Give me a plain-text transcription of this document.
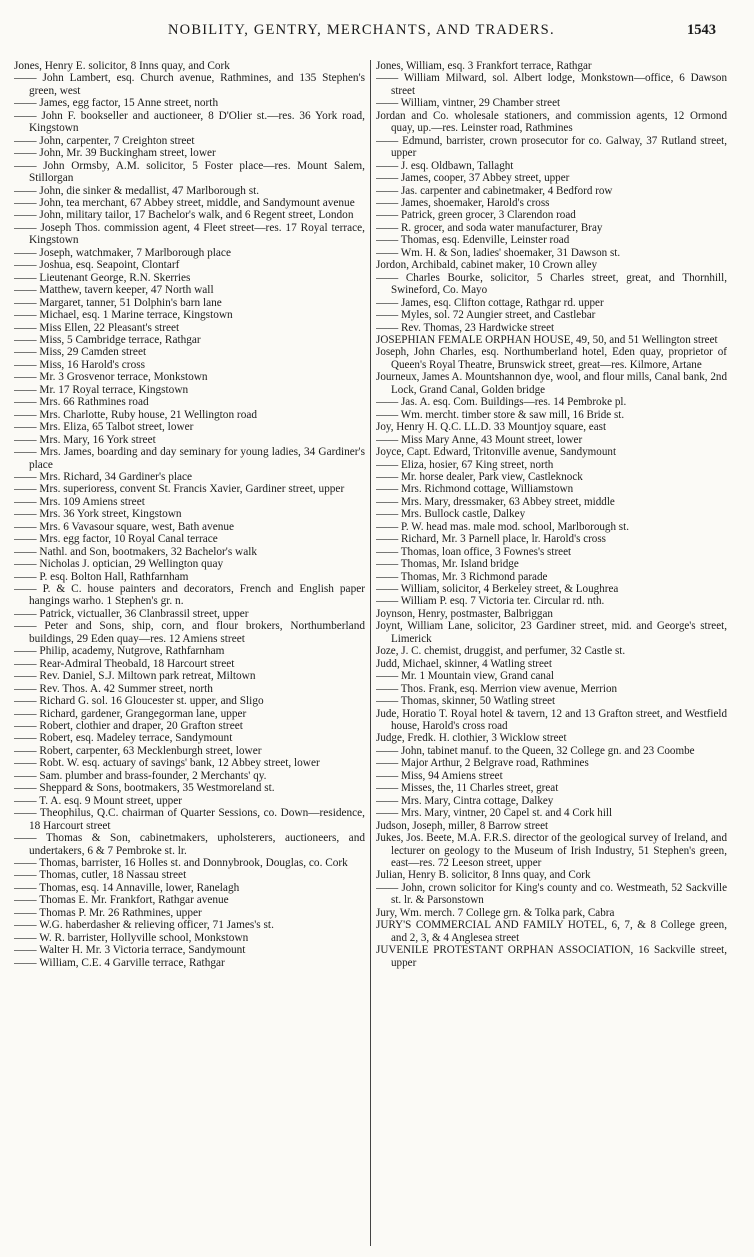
NOBILITY, GENTRY, MERCHANTS, AND TRADERS.	1543
Jones, Henry E. solicitor, 8 Inns quay, and Cork
—— John Lambert, esq. Church avenue, Rathmines, and 135 Stephen's green, west
—— James, egg factor, 15 Anne street, north
—— John F. bookseller and auctioneer, 8 D'Olier st.—res. 36 York road, Kingstown
—— John, carpenter, 7 Creighton street
—— John, Mr. 39 Buckingham street, lower
—— John Ormsby, A.M. solicitor, 5 Foster place—res. Mount Salem, Stillorgan
—— John, die sinker & medallist, 47 Marlborough st.
—— John, tea merchant, 67 Abbey street, middle, and Sandymount avenue
—— John, military tailor, 17 Bachelor's walk, and 6 Regent street, London
—— Joseph Thos. commission agent, 4 Fleet street—res. 17 Royal terrace, Kingstown
—— Joseph, watchmaker, 7 Marlborough place
—— Joshua, esq. Seapoint, Clontarf
—— Lieutenant George, R.N. Skerries
—— Matthew, tavern keeper, 47 North wall
—— Margaret, tanner, 51 Dolphin's barn lane
—— Michael, esq. 1 Marine terrace, Kingstown
—— Miss Ellen, 22 Pleasant's street
—— Miss, 5 Cambridge terrace, Rathgar
—— Miss, 29 Camden street
—— Miss, 16 Harold's cross
—— Mr. 3 Grosvenor terrace, Monkstown
—— Mr. 17 Royal terrace, Kingstown
—— Mrs. 66 Rathmines road
—— Mrs. Charlotte, Ruby house, 21 Wellington road
—— Mrs. Eliza, 65 Talbot street, lower
—— Mrs. Mary, 16 York street
—— Mrs. James, boarding and day seminary for young ladies, 34 Gardiner's place
—— Mrs. Richard, 34 Gardiner's place
—— Mrs. superioress, convent St. Francis Xavier, Gardiner street, upper
—— Mrs. 109 Amiens street
—— Mrs. 36 York street, Kingstown
—— Mrs. 6 Vavasour square, west, Bath avenue
—— Mrs. egg factor, 10 Royal Canal terrace
—— Nathl. and Son, bootmakers, 32 Bachelor's walk
—— Nicholas J. optician, 29 Wellington quay
—— P. esq. Bolton Hall, Rathfarnham
—— P. & C. house painters and decorators, French and English paper hangings warho. 1 Stephen's gr. n.
—— Patrick, victualler, 36 Clanbrassil street, upper
—— Peter and Sons, ship, corn, and flour brokers, Northumberland buildings, 29 Eden quay—res. 12 Amiens street
—— Philip, academy, Nutgrove, Rathfarnham
—— Rear-Admiral Theobald, 18 Harcourt street
—— Rev. Daniel, S.J. Miltown park retreat, Miltown
—— Rev. Thos. A. 42 Summer street, north
—— Richard G. sol. 16 Gloucester st. upper, and Sligo
—— Richard, gardener, Grangegorman lane, upper
—— Robert, clothier and draper, 20 Grafton street
—— Robert, esq. Madeley terrace, Sandymount
—— Robert, carpenter, 63 Mecklenburgh street, lower
—— Robt. W. esq. actuary of savings' bank, 12 Abbey street, lower
—— Sam. plumber and brass-founder, 2 Merchants' qy.
—— Sheppard & Sons, bootmakers, 35 Westmoreland st.
—— T. A. esq. 9 Mount street, upper
—— Theophilus, Q.C. chairman of Quarter Sessions, co. Down—residence, 18 Harcourt street
—— Thomas & Son, cabinetmakers, upholsterers, auctioneers, and undertakers, 6 & 7 Pembroke st. lr.
—— Thomas, barrister, 16 Holles st. and Donnybrook, Douglas, co. Cork
—— Thomas, cutler, 18 Nassau street
—— Thomas, esq. 14 Annaville, lower, Ranelagh
—— Thomas E. Mr. Frankfort, Rathgar avenue
—— Thomas P. Mr. 26 Rathmines, upper
—— W.G. haberdasher & relieving officer, 71 James's st.
—— W. R. barrister, Hollyville school, Monkstown
—— Walter H. Mr. 3 Victoria terrace, Sandymount
—— William, C.E. 4 Garville terrace, Rathgar
Jones, William, esq. 3 Frankfort terrace, Rathgar
—— William Milward, sol. Albert lodge, Monkstown—office, 6 Dawson street
—— William, vintner, 29 Chamber street
Jordan and Co. wholesale stationers, and commission agents, 12 Ormond quay, up.—res. Leinster road, Rathmines
—— Edmund, barrister, crown prosecutor for co. Galway, 37 Rutland street, upper
—— J. esq. Oldbawn, Tallaght
—— James, cooper, 37 Abbey street, upper
—— Jas. carpenter and cabinetmaker, 4 Bedford row
—— James, shoemaker, Harold's cross
—— Patrick, green grocer, 3 Clarendon road
—— R. grocer, and soda water manufacturer, Bray
—— Thomas, esq. Edenville, Leinster road
—— Wm. H. & Son, ladies' shoemaker, 31 Dawson st.
Jordon, Archibald, cabinet maker, 10 Crown alley
—— Charles Bourke, solicitor, 5 Charles street, great, and Thornhill, Swineford, Co. Mayo
—— James, esq. Clifton cottage, Rathgar rd. upper
—— Myles, sol. 72 Aungier street, and Castlebar
—— Rev. Thomas, 23 Hardwicke street
JOSEPHIAN FEMALE ORPHAN HOUSE, 49, 50, and 51 Wellington street
Joseph, John Charles, esq. Northumberland hotel, Eden quay, proprietor of Queen's Royal Theatre, Brunswick street, great—res. Kilmore, Artane
Journeux, James A. Mountshannon dye, wool, and flour mills, Canal bank, 2nd Lock, Grand Canal, Golden bridge
—— Jas. A. esq. Com. Buildings—res. 14 Pembroke pl.
—— Wm. mercht. timber store & saw mill, 16 Bride st.
Joy, Henry H. Q.C. LL.D. 33 Mountjoy square, east
—— Miss Mary Anne, 43 Mount street, lower
Joyce, Capt. Edward, Tritonville avenue, Sandymount
—— Eliza, hosier, 67 King street, north
—— Mr. horse dealer, Park view, Castleknock
—— Mrs. Richmond cottage, Williamstown
—— Mrs. Mary, dressmaker, 63 Abbey street, middle
—— Mrs. Bullock castle, Dalkey
—— P. W. head mas. male mod. school, Marlborough st.
—— Richard, Mr. 3 Parnell place, lr. Harold's cross
—— Thomas, loan office, 3 Fownes's street
—— Thomas, Mr. Island bridge
—— Thomas, Mr. 3 Richmond parade
—— William, solicitor, 4 Berkeley street, & Loughrea
—— William P. esq. 7 Victoria ter. Circular rd. nth.
Joynson, Henry, postmaster, Balbriggan
Joynt, William Lane, solicitor, 23 Gardiner street, mid. and George's street, Limerick
Joze, J. C. chemist, druggist, and perfumer, 32 Castle st.
Judd, Michael, skinner, 4 Watling street
—— Mr. 1 Mountain view, Grand canal
—— Thos. Frank, esq. Merrion view avenue, Merrion
—— Thomas, skinner, 50 Watling street
Jude, Horatio T. Royal hotel & tavern, 12 and 13 Grafton street, and Westfield house, Harold's cross road
Judge, Fredk. H. clothier, 3 Wicklow street
—— John, tabinet manuf. to the Queen, 32 College gn. and 23 Coombe
—— Major Arthur, 2 Belgrave road, Rathmines
—— Miss, 94 Amiens street
—— Misses, the, 11 Charles street, great
—— Mrs. Mary, Cintra cottage, Dalkey
—— Mrs. Mary, vintner, 20 Capel st. and 4 Cork hill
Judson, Joseph, miller, 8 Barrow street
Jukes, Jos. Beete, M.A. F.R.S. director of the geological survey of Ireland, and lecturer on geology to the Museum of Irish Industry, 51 Stephen's green, east—res. 72 Leeson street, upper
Julian, Henry B. solicitor, 8 Inns quay, and Cork
—— John, crown solicitor for King's county and co. Westmeath, 52 Sackville st. lr. & Parsonstown
Jury, Wm. merch. 7 College grn. & Tolka park, Cabra
JURY'S COMMERCIAL AND FAMILY HOTEL, 6, 7, & 8 College green, and 2, 3, & 4 Anglesea street
JUVENILE PROTESTANT ORPHAN ASSOCIATION, 16 Sackville street, upper
